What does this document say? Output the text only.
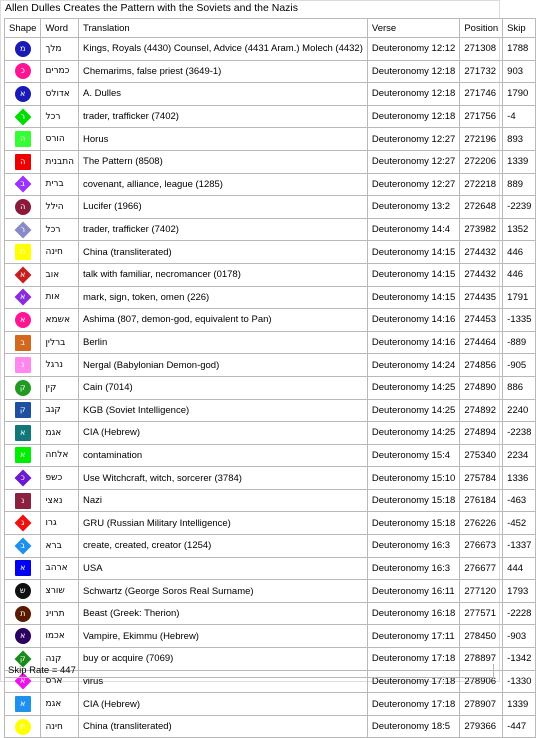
Allen Dulles Creates the Pattern with the Soviets and the Nazis
Shape	Word	Translation	Verse	Position	Skip

מ	מלך	Kings, Royals (4430) Counsel, Advice (4431 Aram.) Molech (4432)	Deuteronomy 12:12	271308	1788

כ	כמרים	Chemarims, false priest (3649-1)	Deuteronomy 12:18	271732	903

א	אדולס	A. Dulles	Deuteronomy 12:18	271746	1790

ר	רכל	trader, trafficker (7402)	Deuteronomy 12:18	271756	-4

ה	הורס	Horus	Deuteronomy 12:27	272196	893

ה	התבנית	The Pattern (8508)	Deuteronomy 12:27	272206	1339

ב	ברית	covenant, alliance, league (1285)	Deuteronomy 12:27	272218	889

ה	הילל	Lucifer (1966)	Deuteronomy 13:2	272648	-2239

ר	רכל	trader, trafficker (7402)	Deuteronomy 14:4	273982	1352

ח	חינה	China (transliterated)	Deuteronomy 14:15	274432	446

א	אוב	talk with familiar, necromancer (0178)	Deuteronomy 14:15	274432	446

א	אות	mark, sign, token, omen (226)	Deuteronomy 14:15	274435	1791

א	אשמא	Ashima (807, demon-god, equivalent to Pan)	Deuteronomy 14:16	274453	-1335

ב	ברלין	Berlin	Deuteronomy 14:16	274464	-889

נ	נרגל	Nergal (Babylonian Demon-god)	Deuteronomy 14:24	274856	-905

ק	קין	Cain (7014)	Deuteronomy 14:25	274890	886

ק	קגב	KGB (Soviet Intelligence)	Deuteronomy 14:25	274892	2240

א	אגמ	CIA (Hebrew)	Deuteronomy 14:25	274894	-2238

א	אלחה	contamination	Deuteronomy 15:4	275340	2234

כ	כשפ	Use Witchcraft, witch, sorcerer (3784)	Deuteronomy 15:10	275784	1336

נ	נאצי	Nazi	Deuteronomy 15:18	276184	-463

ג	גרו	GRU (Russian Military Intelligence)	Deuteronomy 15:18	276226	-452

ב	ברא	create, created, creator (1254)	Deuteronomy 16:3	276673	-1337

א	ארהב	USA	Deuteronomy 16:3	276677	444

ש	שורצ	Schwartz (George Soros Real Surname)	Deuteronomy 16:11	277120	1793

ת	תרוינ	Beast (Greek: Therion)	Deuteronomy 16:18	277571	-2228

א	אכמו	Vampire, Ekimmu (Hebrew)	Deuteronomy 17:11	278450	-903

ק	קנה	buy or acquire (7069)	Deuteronomy 17:18	278897	-1342

א	ארס	virus	Deuteronomy 17:18	278906	-1330

א	אגמ	CIA (Hebrew)	Deuteronomy 17:18	278907	1339

ח	חינה	China (transliterated)	Deuteronomy 18:5	279366	-447
Skip Rate = 447
